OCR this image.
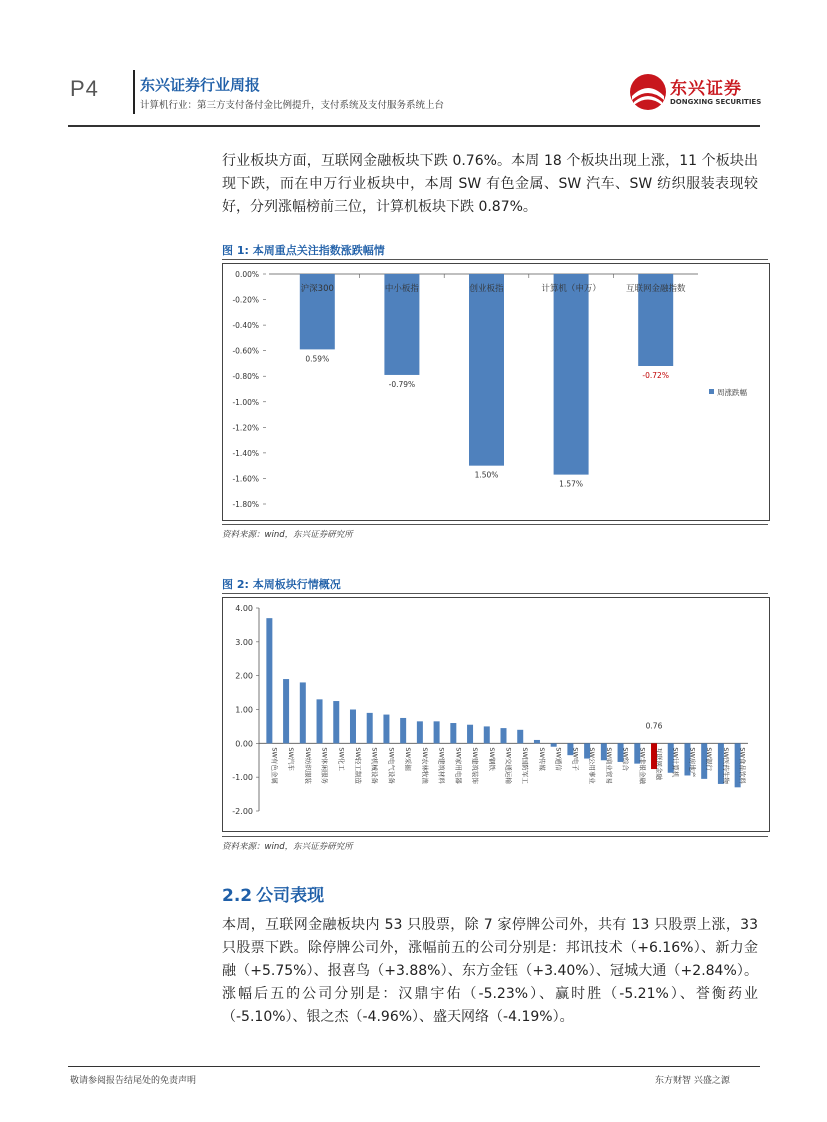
P4	东兴证券行业周报
计算机行业：第三方支付备付金比例提升，支付系统及支付服务系统上台
东兴证券
DONGXING SECURITIES
行业板块方面，互联网金融板块下跌 0.76%。本周 18 个板块出现上涨，11 个板块出现下跌，而在申万行业板块中，本周 SW 有色金属、SW 汽车、SW 纺织服装表现较好，分列涨幅榜前三位，计算机板块下跌 0.87%。
图 1: 本周重点关注指数涨跌幅情
0.00%
-0.20%
-0.40%
-0.60%
-0.80%
-1.00%
-1.20%
-1.40%
-1.60%
-1.80%
沪深300
0.59%
中小板指
-0.79%
创业板指
1.50%
计算机（申万）
1.57%
互联网金融指数
-0.72%
周涨跌幅
资料来源：wind，东兴证券研究所
图 2: 本周板块行情概况
4.00
3.00
2.00
1.00
0.00
-1.00
-2.00
SW有色金属 SW汽车 SW纺织服装 SW休闲服务 SW化工 SW轻工制造 SW机械设备 SW电气设备 SW采掘 SW农林牧渔 SW建筑材料 SW家用电器 SW建筑装饰 SW钢铁 SW交通运输 SW国防军工 SW传媒 SW通信 SW电子 SW公用事业 SW商业贸易 SW综合 SW非银金融 互联网金融
0.76
SW计算机 SW房地产 SW银行 SW医药生物 SW食品饮料
资料来源：wind，东兴证券研究所
2.2 公司表现
本周，互联网金融板块内 53 只股票，除 7 家停牌公司外，共有 13 只股票上涨，33 只股票下跌。除停牌公司外，涨幅前五的公司分别是：邦讯技术（+6.16%）、新力金融（+5.75%）、报喜鸟（+3.88%）、东方金钰（+3.40%）、冠城大通（+2.84%）。涨幅后五的公司分别是：汉鼎宇佑（-5.23%）、赢时胜（-5.21%）、誉衡药业（-5.10%）、银之杰（-4.96%）、盛天网络（-4.19%）。
敬请参阅报告结尾处的免责声明	东方财智 兴盛之源
